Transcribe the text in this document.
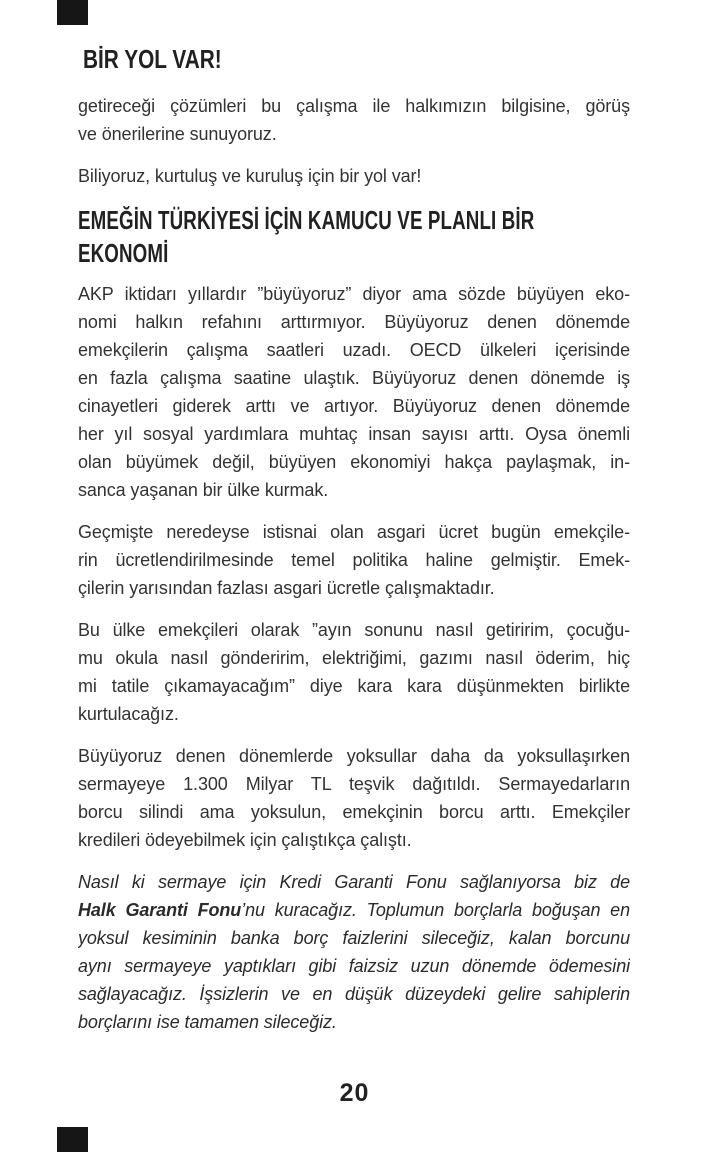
BİR YOL VAR!
getireceği çözümleri bu çalışma ile halkımızın bilgisine, görüş
ve önerilerine sunuyoruz.
Biliyoruz, kurtuluş ve kuruluş için bir yol var!
EMEĞİN TÜRKİYESİ İÇİN KAMUCU VE PLANLI BİR
EKONOMİ
AKP iktidarı yıllardır ”büyüyoruz” diyor ama sözde büyüyen eko-
nomi halkın refahını arttırmıyor. Büyüyoruz denen dönemde
emekçilerin çalışma saatleri uzadı. OECD ülkeleri içerisinde
en fazla çalışma saatine ulaştık. Büyüyoruz denen dönemde iş
cinayetleri giderek arttı ve artıyor. Büyüyoruz denen dönemde
her yıl sosyal yardımlara muhtaç insan sayısı arttı. Oysa önemli
olan büyümek değil, büyüyen ekonomiyi hakça paylaşmak, in-
sanca yaşanan bir ülke kurmak.
Geçmişte neredeyse istisnai olan asgari ücret bugün emekçile-
rin ücretlendirilmesinde temel politika haline gelmiştir. Emek-
çilerin yarısından fazlası asgari ücretle çalışmaktadır.
Bu ülke emekçileri olarak ”ayın sonunu nasıl getiririm, çocuğu-
mu okula nasıl gönderirim, elektriğimi, gazımı nasıl öderim, hiç
mi tatile çıkamayacağım” diye kara kara düşünmekten birlikte
kurtulacağız.
Büyüyoruz denen dönemlerde yoksullar daha da yoksullaşırken
sermayeye 1.300 Milyar TL teşvik dağıtıldı. Sermayedarların
borcu silindi ama yoksulun, emekçinin borcu arttı. Emekçiler
kredileri ödeyebilmek için çalıştıkça çalıştı.
Nasıl ki sermaye için Kredi Garanti Fonu sağlanıyorsa biz de
Halk Garanti Fonu’nu kuracağız. Toplumun borçlarla boğuşan en
yoksul kesiminin banka borç faizlerini sileceğiz, kalan borcunu
aynı sermayeye yaptıkları gibi faizsiz uzun dönemde ödemesini
sağlayacağız. İşsizlerin ve en düşük düzeydeki gelire sahiplerin
borçlarını ise tamamen sileceğiz.
20
